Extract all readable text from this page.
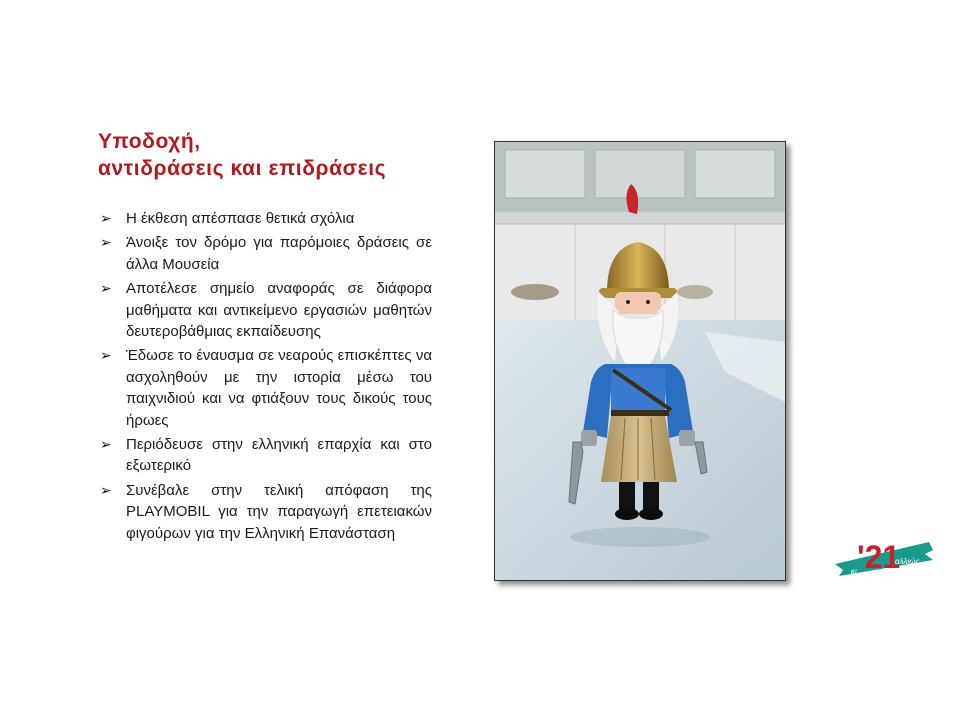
Υποδοχή,
αντιδράσεις και επιδράσεις
➢ Η έκθεση απέσπασε θετικά σχόλια
➢ Άνοιξε τον δρόμο για παρόμοιες δράσεις σε άλλα Μουσεία
➢ Αποτέλεσε σημείο αναφοράς σε διάφορα μαθήματα και αντικείμενο εργασιών μαθητών δευτεροβάθμιας εκπαίδευσης
➢ Έδωσε το έναυσμα σε νεαρούς επισκέπτες να ασχοληθούν με την ιστορία μέσω του παιχνιδιού και να φτιάξουν τους δικούς τους ήρωες
➢ Περιόδευσε στην ελληνική επαρχία και στο εξωτερικό
➢ Συνέβαλε στην τελική απόφαση της PLAYMOBIL για την παραγωγή επετειακών φιγούρων για την Ελληνική Επανάσταση
κι
αλλιώς
'21
